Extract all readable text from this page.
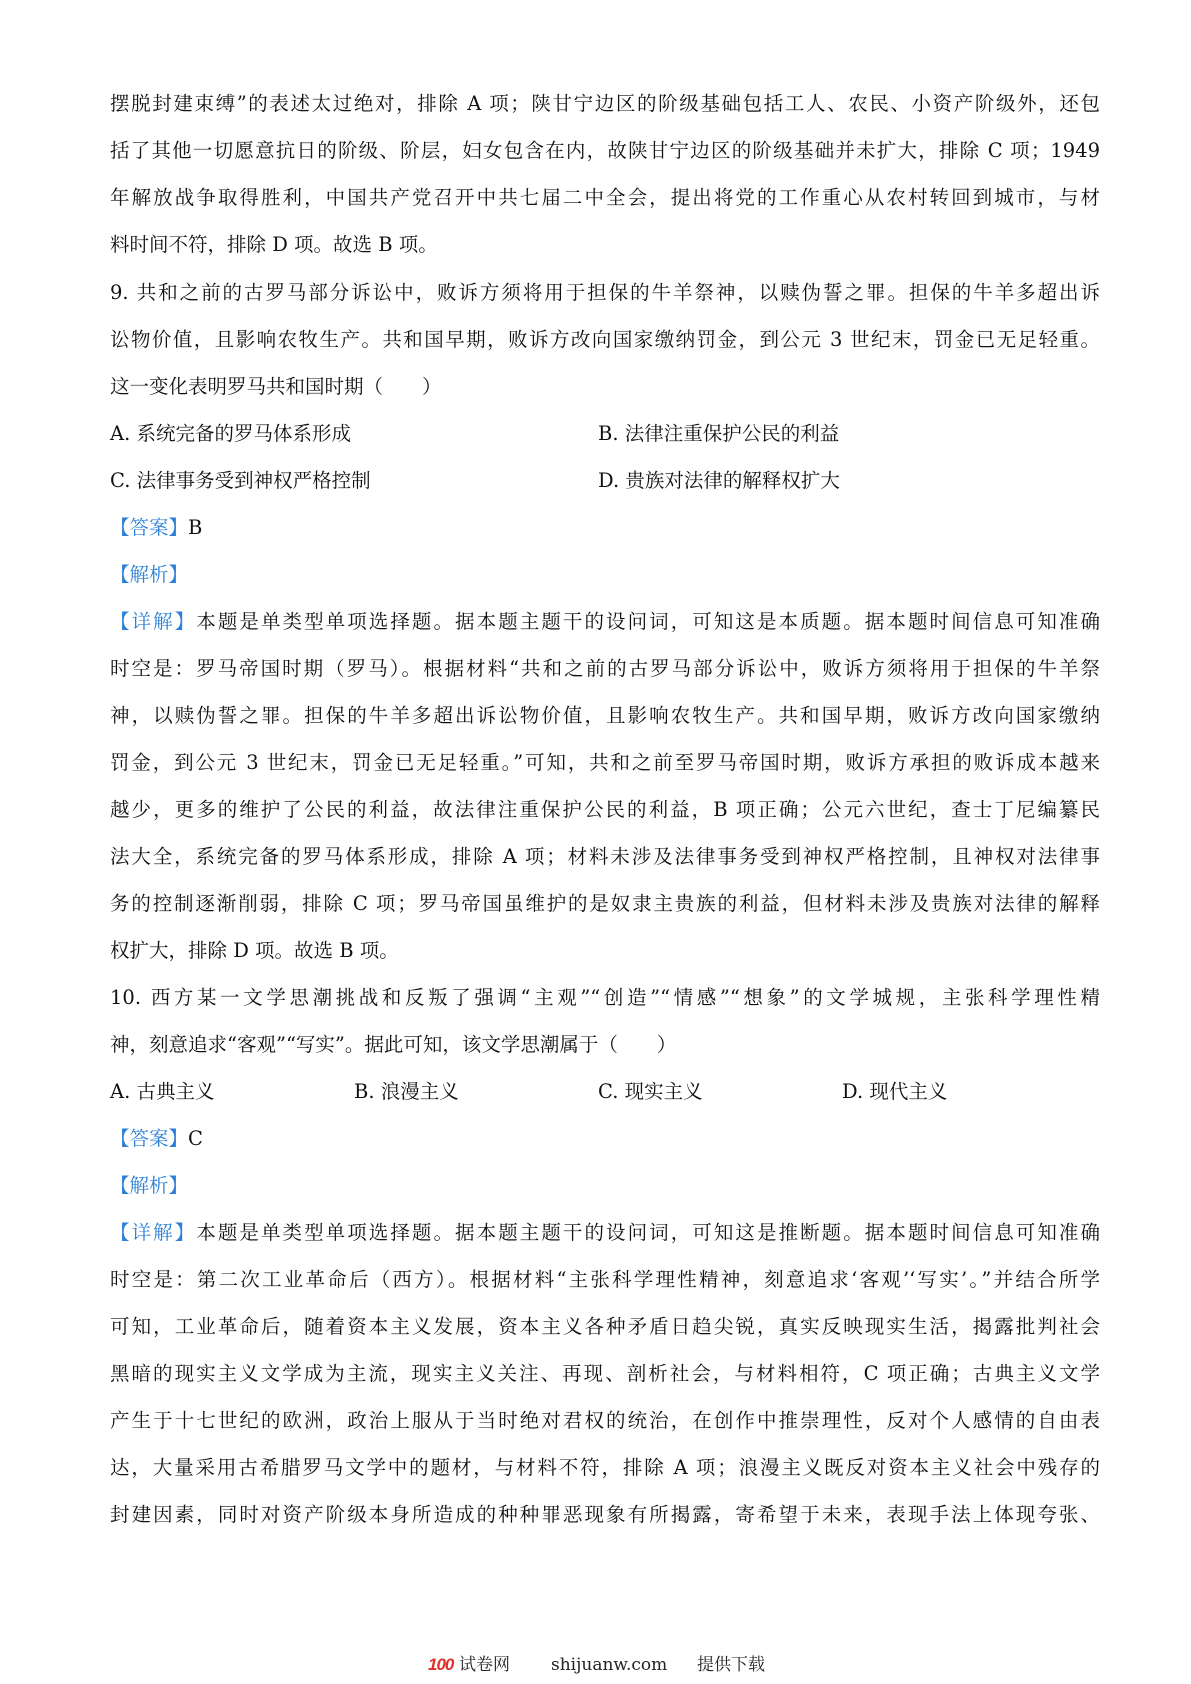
摆脱封建束缚”的表述太过绝对，排除 A 项；陕甘宁边区的阶级基础包括工人、农民、小资产阶级外，还包
括了其他一切愿意抗日的阶级、阶层，妇女包含在内，故陕甘宁边区的阶级基础并未扩大，排除 C 项；1949
年解放战争取得胜利，中国共产党召开中共七届二中全会，提出将党的工作重心从农村转回到城市，与材
料时间不符，排除 D 项。故选 B 项。
9. 共和之前的古罗马部分诉讼中，败诉方须将用于担保的牛羊祭神，以赎伪誓之罪。担保的牛羊多超出诉
讼物价值，且影响农牧生产。共和国早期，败诉方改向国家缴纳罚金，到公元 3 世纪末，罚金已无足轻重。
这一变化表明罗马共和国时期（　　）
A. 系统完备的罗马体系形成	B. 法律注重保护公民的利益
C. 法律事务受到神权严格控制	D. 贵族对法律的解释权扩大
【答案】B
【解析】
【详解】本题是单类型单项选择题。据本题主题干的设问词，可知这是本质题。据本题时间信息可知准确
时空是：罗马帝国时期（罗马）。根据材料“共和之前的古罗马部分诉讼中，败诉方须将用于担保的牛羊祭
神，以赎伪誓之罪。担保的牛羊多超出诉讼物价值，且影响农牧生产。共和国早期，败诉方改向国家缴纳
罚金，到公元 3 世纪末，罚金已无足轻重。”可知，共和之前至罗马帝国时期，败诉方承担的败诉成本越来
越少，更多的维护了公民的利益，故法律注重保护公民的利益，B 项正确；公元六世纪，查士丁尼编纂民
法大全，系统完备的罗马体系形成，排除 A 项；材料未涉及法律事务受到神权严格控制，且神权对法律事
务的控制逐渐削弱，排除 C 项；罗马帝国虽维护的是奴隶主贵族的利益，但材料未涉及贵族对法律的解释
权扩大，排除 D 项。故选 B 项。
10. 西方某一文学思潮挑战和反叛了强调“主观”“创造”“情感”“想象”的文学城规，主张科学理性精
神，刻意追求“客观”“写实”。据此可知，该文学思潮属于（　　）
A. 古典主义	B. 浪漫主义	C. 现实主义	D. 现代主义
【答案】C
【解析】
【详解】本题是单类型单项选择题。据本题主题干的设问词，可知这是推断题。据本题时间信息可知准确
时空是：第二次工业革命后（西方）。根据材料“主张科学理性精神，刻意追求‘客观’‘写实’。”并结合所学
可知，工业革命后，随着资本主义发展，资本主义各种矛盾日趋尖锐，真实反映现实生活，揭露批判社会
黑暗的现实主义文学成为主流，现实主义关注、再现、剖析社会，与材料相符，C 项正确；古典主义文学
产生于十七世纪的欧洲，政治上服从于当时绝对君权的统治，在创作中推崇理性，反对个人感情的自由表
达，大量采用古希腊罗马文学中的题材，与材料不符，排除 A 项；浪漫主义既反对资本主义社会中残存的
封建因素，同时对资产阶级本身所造成的种种罪恶现象有所揭露，寄希望于未来，表现手法上体现夸张、
100 试卷网 shijuanw.com 提供下载
